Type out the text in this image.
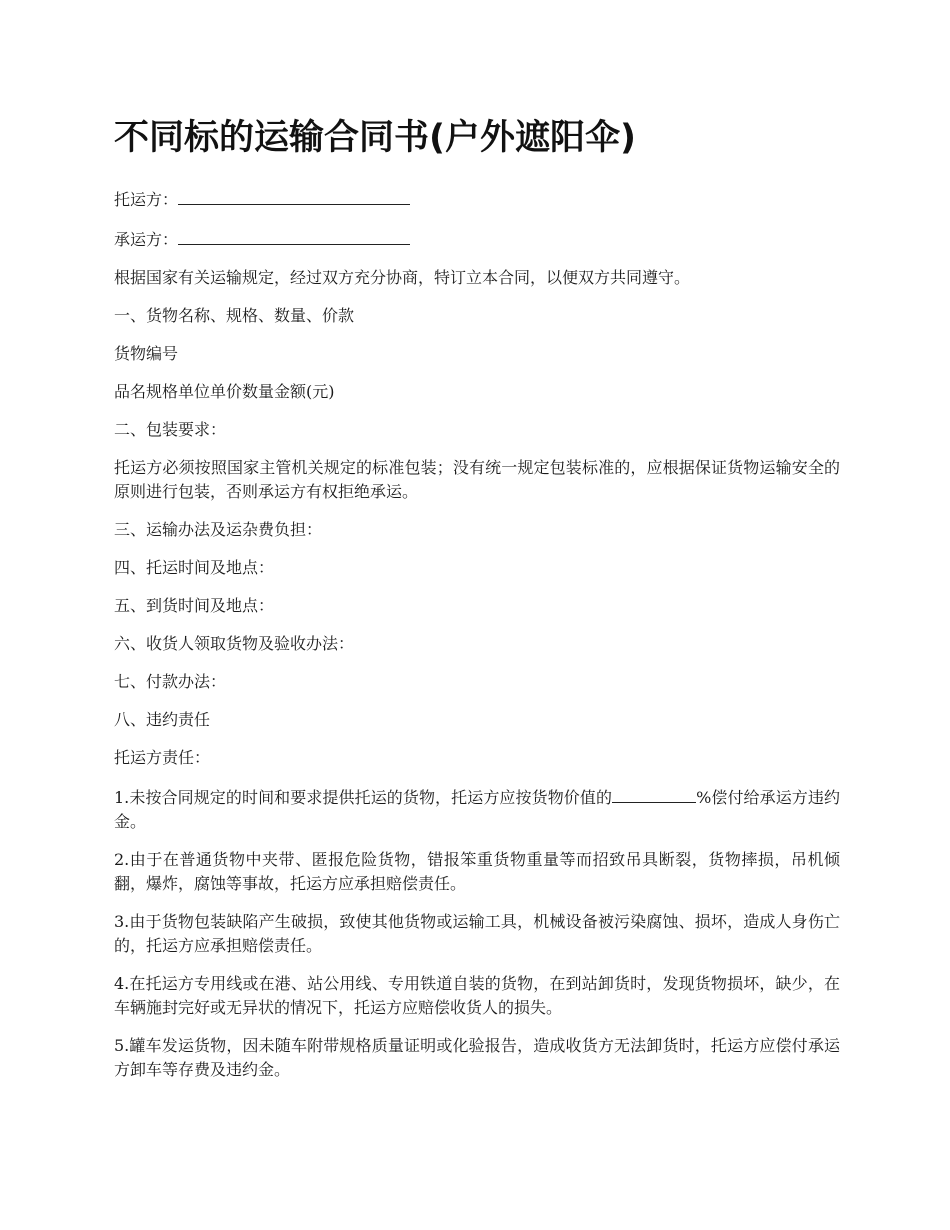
不同标的运输合同书(户外遮阳伞)

托运方：

承运方：

根据国家有关运输规定，经过双方充分协商，特订立本合同，以便双方共同遵守。

一、货物名称、规格、数量、价款

货物编号

品名规格单位单价数量金额(元)

二、包装要求：

托运方必须按照国家主管机关规定的标准包装；没有统一规定包装标准的，应根据保证货物运输安全的原则进行包装，否则承运方有权拒绝承运。

三、运输办法及运杂费负担：

四、托运时间及地点：

五、到货时间及地点：

六、收货人领取货物及验收办法：

七、付款办法：

八、违约责任

托运方责任：

1.未按合同规定的时间和要求提供托运的货物，托运方应按货物价值的	%偿付给承运方违约金。

2.由于在普通货物中夹带、匿报危险货物，错报笨重货物重量等而招致吊具断裂，货物摔损，吊机倾翻，爆炸，腐蚀等事故，托运方应承担赔偿责任。

3.由于货物包装缺陷产生破损，致使其他货物或运输工具，机械设备被污染腐蚀、损坏，造成人身伤亡的，托运方应承担赔偿责任。

4.在托运方专用线或在港、站公用线、专用铁道自装的货物，在到站卸货时，发现货物损坏，缺少，在车辆施封完好或无异状的情况下，托运方应赔偿收货人的损失。

5.罐车发运货物，因未随车附带规格质量证明或化验报告，造成收货方无法卸货时，托运方应偿付承运方卸车等存费及违约金。
